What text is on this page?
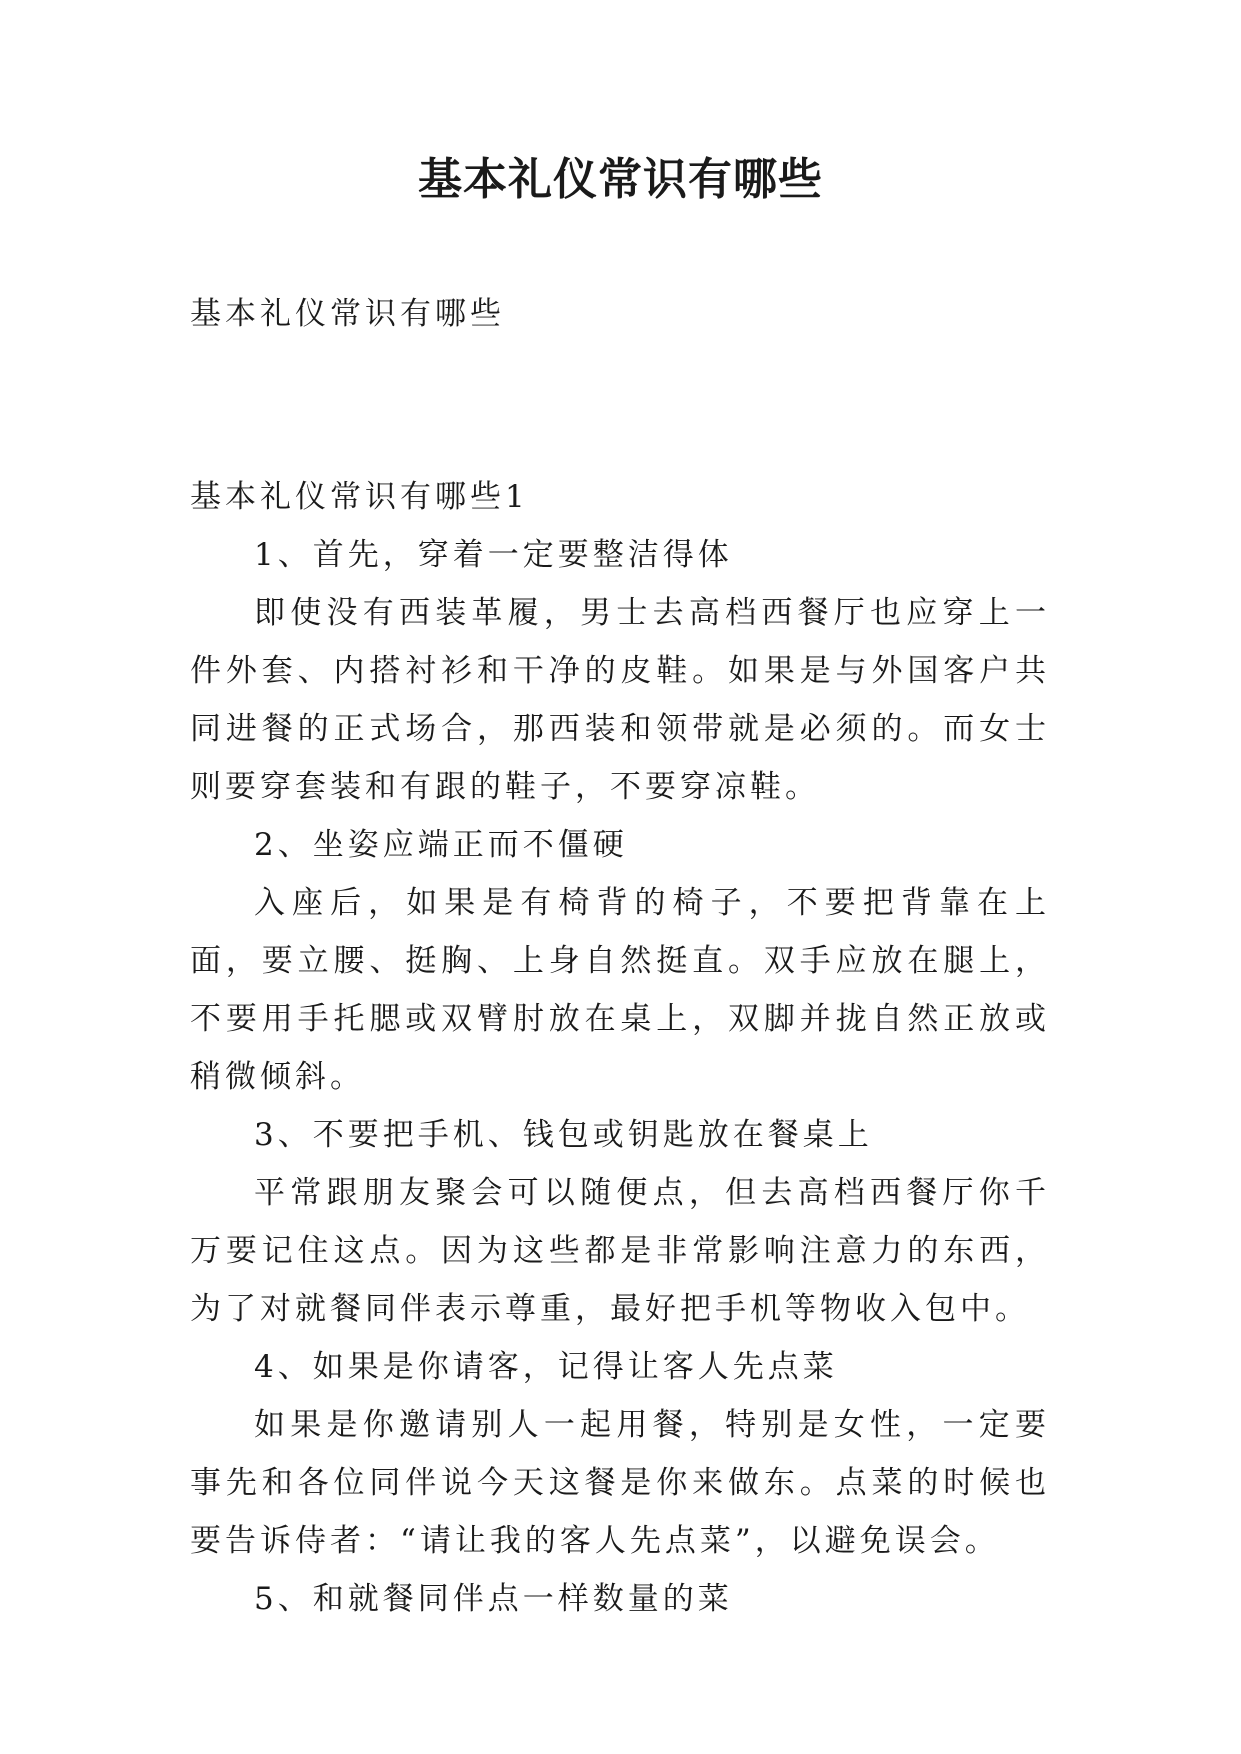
基本礼仪常识有哪些
基本礼仪常识有哪些

基本礼仪常识有哪些1

1、首先，穿着一定要整洁得体

即使没有西装革履，男士去高档西餐厅也应穿上一件外套、内搭衬衫和干净的皮鞋。如果是与外国客户共同进餐的正式场合，那西装和领带就是必须的。而女士则要穿套装和有跟的鞋子，不要穿凉鞋。

2、坐姿应端正而不僵硬

入座后，如果是有椅背的椅子，不要把背靠在上面，要立腰、挺胸、上身自然挺直。双手应放在腿上，不要用手托腮或双臂肘放在桌上，双脚并拢自然正放或稍微倾斜。

3、不要把手机、钱包或钥匙放在餐桌上

平常跟朋友聚会可以随便点，但去高档西餐厅你千万要记住这点。因为这些都是非常影响注意力的东西，为了对就餐同伴表示尊重，最好把手机等物收入包中。

4、如果是你请客，记得让客人先点菜

如果是你邀请别人一起用餐，特别是女性，一定要事先和各位同伴说今天这餐是你来做东。点菜的时候也要告诉侍者：“请让我的客人先点菜”，以避免误会。

5、和就餐同伴点一样数量的菜
